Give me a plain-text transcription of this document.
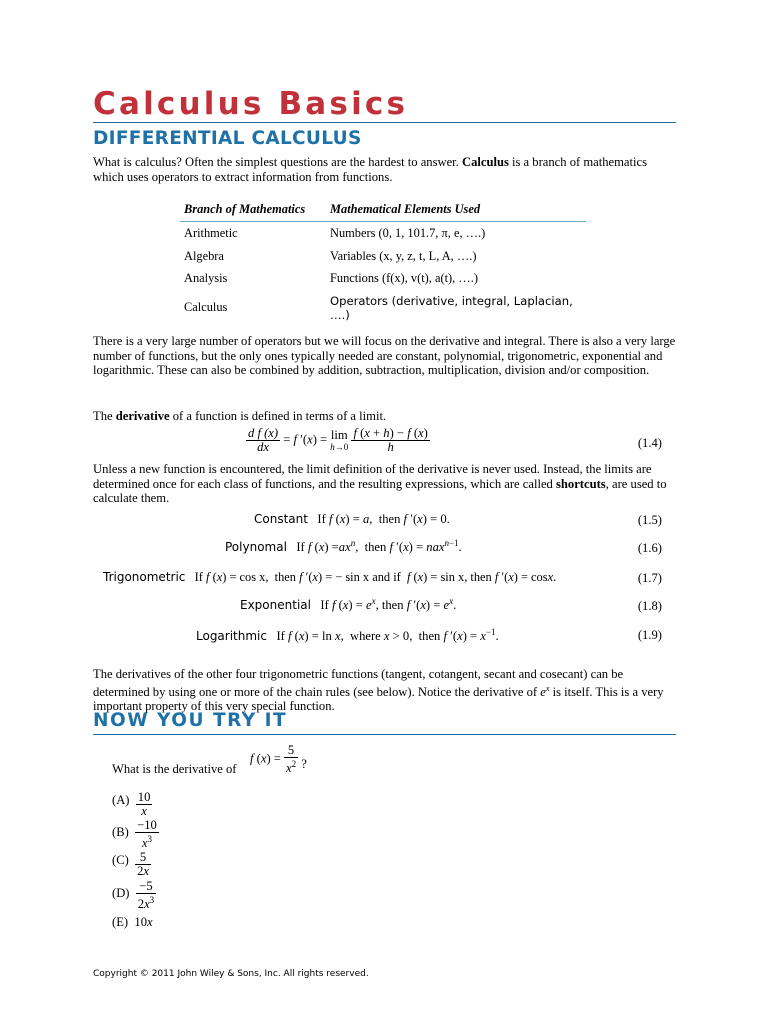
Calculus Basics
DIFFERENTIAL CALCULUS
What is calculus? Often the simplest questions are the hardest to answer. Calculus is a branch of mathematics which uses operators to extract information from functions.
Branch of Mathematics	Mathematical Elements Used
Arithmetic	Numbers (0, 1, 101.7, π, e, ….)
Algebra	Variables (x, y, z, t, L, A, ….)
Analysis	Functions (f(x), v(t), a(t), ….)
Calculus	Operators (derivative, integral, Laplacian, ….)
There is a very large number of operators but we will focus on the derivative and integral. There is also a very large number of functions, but the only ones typically needed are constant, polynomial, trigonometric, exponential and logarithmic. These can also be combined by addition, subtraction, multiplication, division and/or composition.
The derivative of a function is defined in terms of a limit.
$\frac{\text{d f (x)}}{dx} = f$ ′(x) = lim
h→0
$\frac{f (x + h) - f (x)}{h}$	(1.4)
Unless a new function is encountered, the limit definition of the derivative is never used. Instead, the limits are determined once for each class of functions, and the resulting expressions, which are called shortcuts, are used to calculate them.
Constant   If f (x) = a,  then f ′(x) = 0.	(1.5)
Polynomal   If f $(x) =ax^n$,  then f ′(x) = nax$^{n-1}$.	(1.6)
Trigonometric   If f (x) = cos x,  then f ′(x) = − sin x and if  f (x) = sin x, then f ′(x) = cosx.	(1.7)
Exponential   If f $(x) = e^x$, then f $'(x) = e^x$.	(1.8)
Logarithmic   If f (x) = ln x,  where x > 0,  then f $'(x) = x^{-1}$.	(1.9)
The derivatives of the other four trigonometric functions (tangent, cotangent, secant and cosecant) can be determined by using one or more of the chain rules (see below). Notice the derivative of $e^x$ is itself. This is a very important property of this very special function.
NOW YOU TRY IT
What is the derivative of
f $(x) = \frac{5}{x^2}$ ?
$(A) \frac{10}{x}$
$(B) \frac{-10}{x^3}$
$(C) \frac{5}{2x}$
$(D) \frac{-5}{2x^3}$
(E)  10x
Copyright © 2011 John Wiley & Sons, Inc. All rights reserved.
